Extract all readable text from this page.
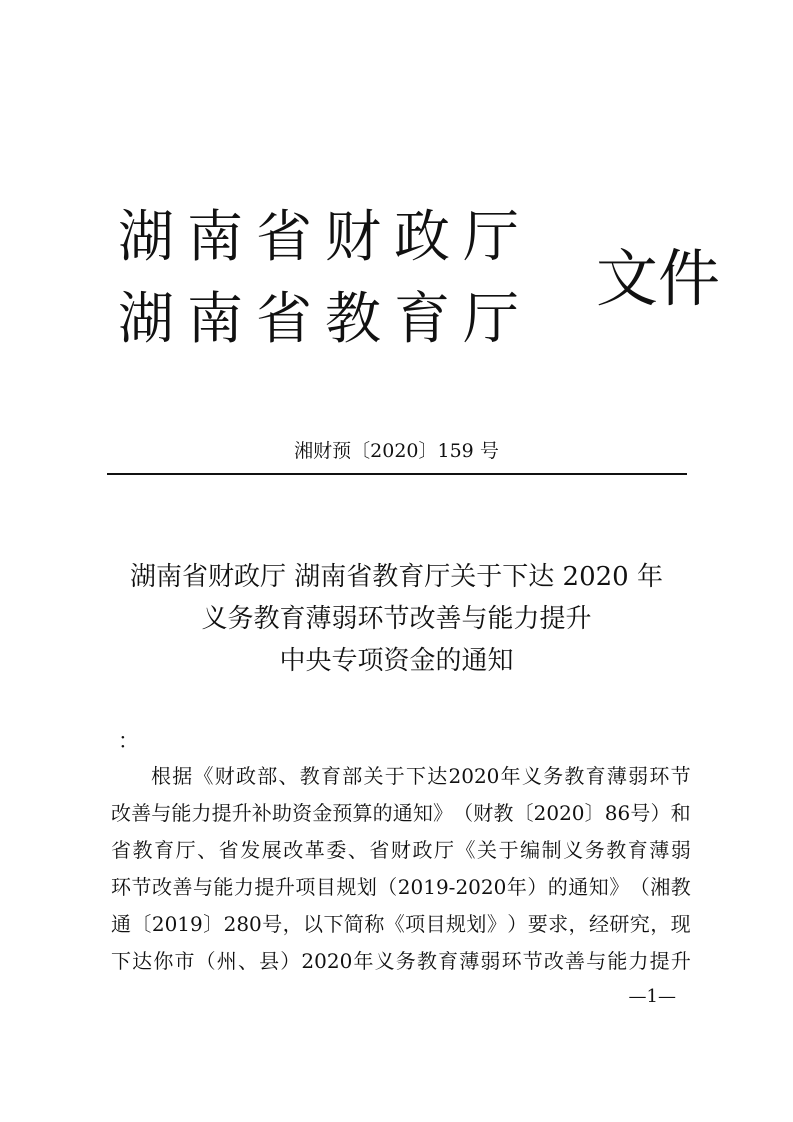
湖南省财政厅
湖南省教育厅
文件
湘财预〔2020〕159 号
湖南省财政厅 湖南省教育厅关于下达 2020 年
义务教育薄弱环节改善与能力提升
中央专项资金的通知
：
根 据 《 财 政 部 、 教 育 部 关 于 下 达 2020 年 义 务 教 育 薄 弱 环 节
改 善 与 能 力 提 升 补 助 资 金 预 算 的 通 知 》 （ 财 教 〔 2020 〕 86 号 ） 和
省 教 育 厅 、 省 发 展 改 革 委 、 省 财 政 厅 《 关 于 编 制 义 务 教 育 薄 弱
环 节 改 善 与 能 力 提 升 项 目 规 划 （ 2019-2020 年 ） 的 通 知 》 （ 湘 教
通 〔 2019 〕 280 号 ， 以 下 简 称 《 项 目 规 划 》 ） 要 求 ， 经 研 究 ， 现
下 达 你 市 （ 州 、 县 ） 2020 年 义 务 教 育 薄 弱 环 节 改 善 与 能 力 提 升
—1—
